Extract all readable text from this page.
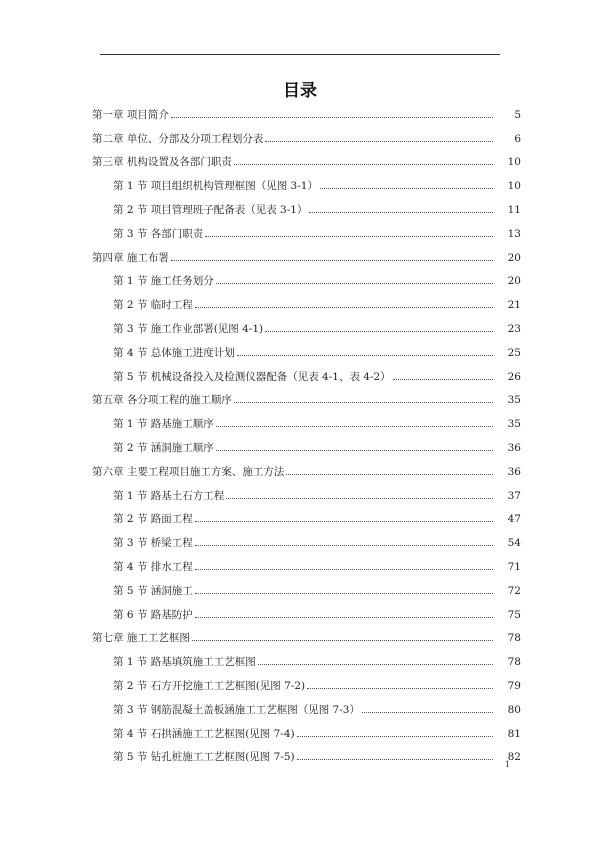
目录
第一章 项目简介	5
第二章 单位、分部及分项工程划分表	6
第三章 机构设置及各部门职责	10
第 1 节 项目组织机构管理框图（见图 3-1）	10
第 2 节 项目管理班子配备表（见表 3-1）	11
第 3 节 各部门职责	13
第四章 施工布署	20
第 1 节 施工任务划分	20
第 2 节 临时工程	21
第 3 节 施工作业部署(见图 4-1)	23
第 4 节 总体施工进度计划	25
第 5 节 机械设备投入及检测仪器配备（见表 4-1、表 4-2）	26
第五章 各分项工程的施工顺序	35
第 1 节 路基施工顺序	35
第 2 节 涵洞施工顺序	36
第六章 主要工程项目施工方案、施工方法	36
第 1 节 路基土石方工程	37
第 2 节 路面工程	47
第 3 节 桥梁工程	54
第 4 节 排水工程	71
第 5 节 涵洞施工	72
第 6 节 路基防护	75
第七章 施工工艺框图	78
第 1 节 路基填筑施工工艺框图	78
第 2 节 石方开挖施工工艺框图(见图 7-2)	79
第 3 节 钢筋混凝土盖板涵施工工艺框图（见图 7-3）	80
第 4 节 石拱涵施工工艺框图(见图 7-4)	81
第 5 节 钻孔桩施工工艺框图(见图 7-5)	82
1
